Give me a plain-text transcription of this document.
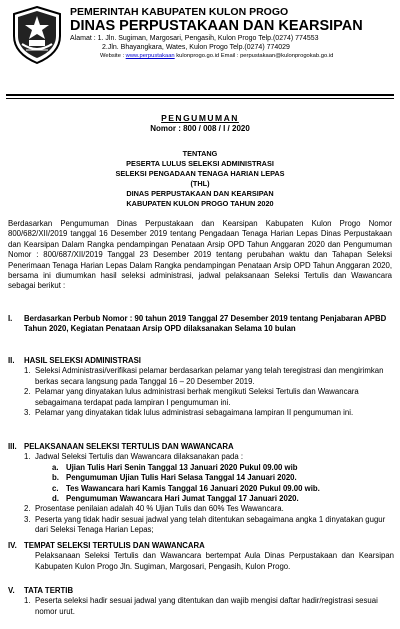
PEMERINTAH KABUPATEN KULON PROGO
DINAS PERPUSTAKAAN DAN KEARSIPAN
Alamat : 1. Jln. Sugiman, Margosari, Pengasih, Kulon Progo Telp.(0274) 774553
2.Jln. Bhayangkara, Wates, Kulon Progo Telp.(0274) 774029
Website : www.perpustakaan kulonprogo.go.id Email : perpustakaan@kulonprogokab.go.id
PENGUMUMAN
Nomor : 800 / 008 / I / 2020
TENTANG
PESERTA LULUS SELEKSI ADMINISTRASI
SELEKSI PENGADAAN TENAGA HARIAN LEPAS
(THL)
DINAS PERPUSTAKAAN DAN KEARSIPAN
KABUPATEN KULON PROGO TAHUN 2020
Berdasarkan Pengumuman Dinas Perpustakaan dan Kearsipan Kabupaten Kulon Progo Nomor 800/682/XII/2019 tanggal 16 Desember 2019 tentang Pengadaan Tenaga Harian Lepas Dinas Perpustakaan dan Kearsipan Dalam Rangka pendampingan Penataan Arsip OPD Tahun Anggaran 2020 dan Pengumuman Nomor : 800/687/XII/2019 Tanggal 23 Desember 2019 tentang perubahan waktu dan Tahapan Seleksi Penerimaan Tenaga Harian Lepas Dalam Rangka pendampingan Penataan Arsip OPD Tahun Anggaran 2020, bersama ini diumumkan hasil seleksi administrasi, jadwal pelaksanaan Seleksi Tertulis dan Wawancara sebagai berikut :
I. Berdasarkan Perbub Nomor : 90 tahun 2019 Tanggal 27 Desember 2019 tentang Penjabaran APBD Tahun 2020, Kegiatan Penataan Arsip OPD dilaksanakan Selama 10 bulan
II. HASIL SELEKSI ADMINISTRASI
1. Seleksi Administrasi/verifikasi pelamar berdasarkan pelamar yang telah teregistrasi dan mengirimkan berkas secara langsung pada Tanggal 16 – 20 Desember 2019.
2. Pelamar yang dinyatakan lulus administrasi berhak mengikuti Seleksi Tertulis dan Wawancara sebagaimana terdapat pada lampiran I pengumuman ini.
3. Pelamar yang dinyatakan tidak lulus administrasi sebagaimana lampiran II pengumuman ini.
III. PELAKSANAAN SELEKSI TERTULIS DAN WAWANCARA
1. Jadwal Seleksi Tertulis dan Wawancara dilaksanakan pada :
a. Ujian Tulis Hari Senin Tanggal 13 Januari 2020 Pukul 09.00 wib
b. Pengumuman Ujian Tulis Hari Selasa Tanggal 14 Januari 2020.
c. Tes Wawancara hari Kamis Tanggal 16 Januari 2020 Pukul 09.00 wib.
d. Pengumuman Wawancara Hari Jumat Tanggal 17 Januari 2020.
2. Prosentase penilaian adalah 40 % Ujian Tulis dan 60% Tes Wawancara.
3. Peserta yang tidak hadir sesuai jadwal yang telah ditentukan sebagaimana angka 1 dinyatakan gugur dari Seleksi Tenaga Harian Lepas;
IV. TEMPAT SELEKSI TERTULIS DAN WAWANCARA
Pelaksanaan Seleksi Tertulis dan Wawancara bertempat Aula Dinas Perpustakaan dan Kearsipan Kabupaten Kulon Progo Jln. Sugiman, Margosari, Pengasih, Kulon Progo.
V. TATA TERTIB
1. Peserta seleksi hadir sesuai jadwal yang ditentukan dan wajib mengisi daftar hadir/registrasi sesuai nomor urut.
